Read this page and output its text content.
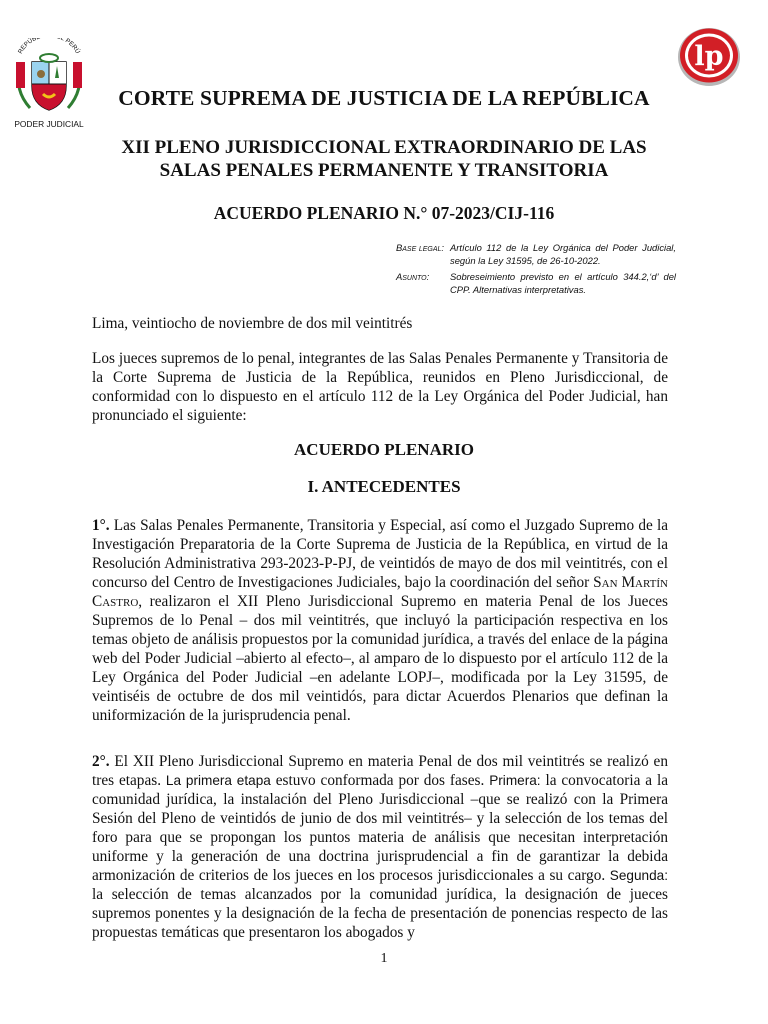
REPÚB L PERÚ
PODER JUDICIAL
lp
CORTE SUPREMA DE JUSTICIA DE LA REPÚBLICA
XII PLENO JURISDICCIONAL EXTRAORDINARIO DE LAS
SALAS PENALES PERMANENTE Y TRANSITORIA
ACUERDO PLENARIO N.° 07-2023/CIJ-116
Base legal: Artículo 112 de la Ley Orgánica del Poder Judicial, según la Ley 31595, de 26-10-2022.
Asunto:	Sobreseimiento previsto en el artículo 344.2,‘d’ del CPP. Alternativas interpretativas.
Lima, veintiocho de noviembre de dos mil veintitrés
Los jueces supremos de lo penal, integrantes de las Salas Penales Permanente y Transitoria de la Corte Suprema de Justicia de la República, reunidos en Pleno Jurisdiccional, de conformidad con lo dispuesto en el artículo 112 de la Ley Orgánica del Poder Judicial, han pronunciado el siguiente:
ACUERDO PLENARIO
I. ANTECEDENTES
1°. Las Salas Penales Permanente, Transitoria y Especial, así como el Juzgado Supremo de la Investigación Preparatoria de la Corte Suprema de Justicia de la República, en virtud de la Resolución Administrativa 293-2023-P-PJ, de veintidós de mayo de dos mil veintitrés, con el concurso del Centro de Investigaciones Judiciales, bajo la coordinación del señor San Martín Castro, realizaron el XII Pleno Jurisdiccional Supremo en materia Penal de los Jueces Supremos de lo Penal – dos mil veintitrés, que incluyó la participación respectiva en los temas objeto de análisis propuestos por la comunidad jurídica, a través del enlace de la página web del Poder Judicial –abierto al efecto–, al amparo de lo dispuesto por el artículo 112 de la Ley Orgánica del Poder Judicial –en adelante LOPJ–, modificada por la Ley 31595, de veintiséis de octubre de dos mil veintidós, para dictar Acuerdos Plenarios que definan la uniformización de la jurisprudencia penal.
2°. El XII Pleno Jurisdiccional Supremo en materia Penal de dos mil veintitrés se realizó en tres etapas. La primera etapa estuvo conformada por dos fases. Primera: la convocatoria a la comunidad jurídica, la instalación del Pleno Jurisdiccional –que se realizó con la Primera Sesión del Pleno de veintidós de junio de dos mil veintitrés– y la selección de los temas del foro para que se propongan los puntos materia de análisis que necesitan interpretación uniforme y la generación de una doctrina jurisprudencial a fin de garantizar la debida armonización de criterios de los jueces en los procesos jurisdiccionales a su cargo. Segunda: la selección de temas alcanzados por la comunidad jurídica, la designación de jueces supremos ponentes y la designación de la fecha de presentación de ponencias respecto de las propuestas temáticas que presentaron los abogados y
1
